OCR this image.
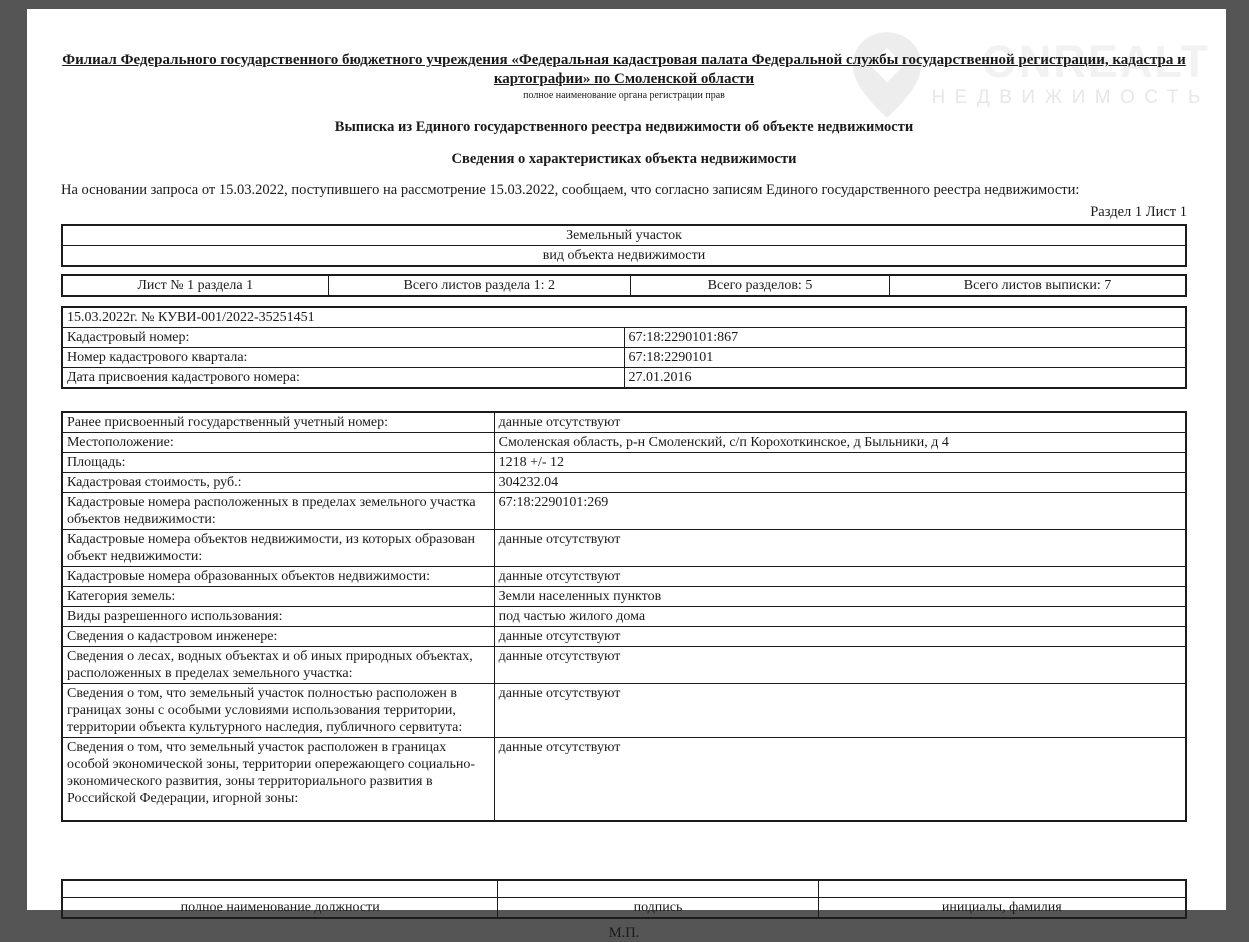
ONREALT
НЕДВИЖИМОСТЬ
Филиал Федерального государственного бюджетного учреждения «Федеральная кадастровая палата Федеральной службы государственной регистрации, кадастра и картографии» по Смоленской области
полное наименование органа регистрации прав
Выписка из Единого государственного реестра недвижимости об объекте недвижимости
Сведения о характеристиках объекта недвижимости
На основании запроса от 15.03.2022, поступившего на рассмотрение 15.03.2022, сообщаем, что согласно записям Единого государственного реестра недвижимости:
Раздел 1 Лист 1
Земельный участок
вид объекта недвижимости
Лист № 1 раздела 1	Всего листов раздела 1: 2	Всего разделов: 5	Всего листов выписки: 7
15.03.2022г. № КУВИ-001/2022-35251451	
Кадастровый номер:	67:18:2290101:867
Номер кадастрового квартала:	67:18:2290101
Дата присвоения кадастрового номера:	27.01.2016
Ранее присвоенный государственный учетный номер:	данные отсутствуют
Местоположение:	Смоленская область, р-н Смоленский, с/п Корохоткинское, д Быльники, д 4
Площадь:	1218 +/- 12
Кадастровая стоимость, руб.:	304232.04
Кадастровые номера расположенных в пределах земельного участка объектов недвижимости:	67:18:2290101:269
Кадастровые номера объектов недвижимости, из которых образован объект недвижимости:	данные отсутствуют
Кадастровые номера образованных объектов недвижимости:	данные отсутствуют
Категория земель:	Земли населенных пунктов
Виды разрешенного использования:	под частью жилого дома
Сведения о кадастровом инженере:	данные отсутствуют
Сведения о лесах, водных объектах и об иных природных объектах, расположенных в пределах земельного участка:	данные отсутствуют
Сведения о том, что земельный участок полностью расположен в границах зоны с особыми условиями использования территории, территории объекта культурного наследия, публичного сервитута:	данные отсутствуют
Сведения о том, что земельный участок расположен в границах особой экономической зоны, территории опережающего социально-экономического развития, зоны территориального развития в Российской Федерации, игорной зоны:	данные отсутствуют

полное наименование должности	подпись	инициалы, фамилия
М.П.
